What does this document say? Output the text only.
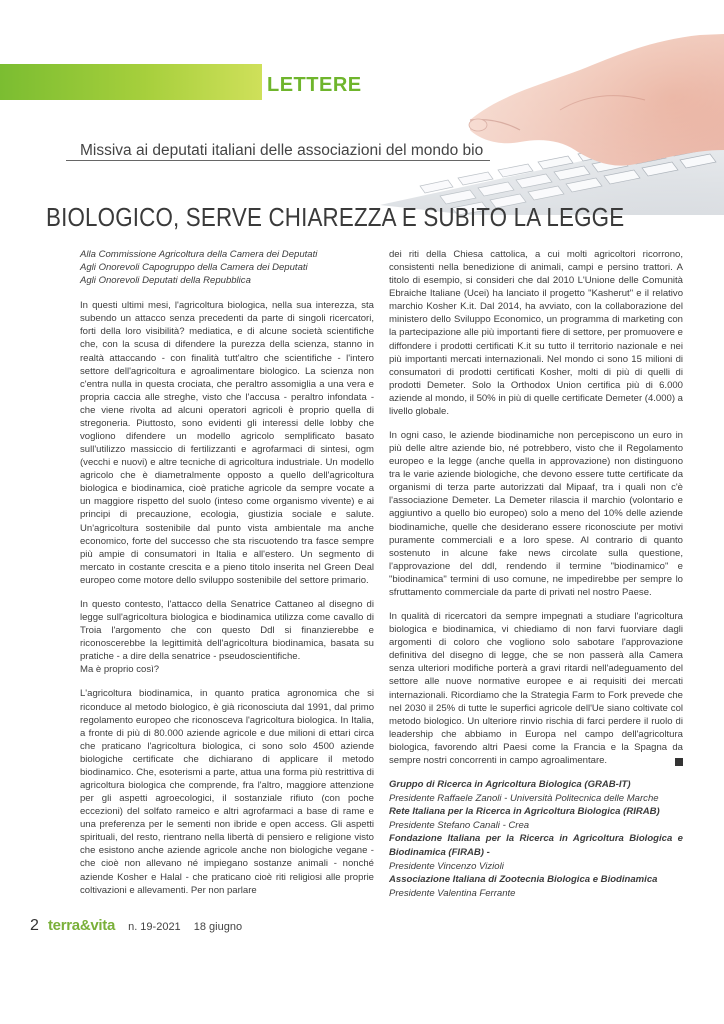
LETTERE
Missiva ai deputati italiani delle associazioni del mondo bio
BIOLOGICO, SERVE CHIAREZZA E SUBITO LA LEGGE
Alla Commissione Agricoltura della Camera dei Deputati
Agli Onorevoli Capogruppo della Camera dei Deputati
Agli Onorevoli Deputati della Repubblica

In questi ultimi mesi, l'agricoltura biologica, nella sua interezza, sta subendo un attacco senza precedenti da parte di singoli ricercatori, forti della loro visibilità? mediatica, e di alcune società scientifiche che, con la scusa di difendere la purezza della scienza, stanno in realtà attaccando - con finalità tutt'altro che scientifiche - l'intero settore dell'agricoltura e agroalimentare biologico. La scienza non c'entra nulla in questa crociata, che peraltro assomiglia a una vera e propria caccia alle streghe, visto che l'accusa - peraltro infondata - che viene rivolta ad alcuni operatori agricoli è proprio quella di stregoneria. Piuttosto, sono evidenti gli interessi delle lobby che vogliono difendere un modello agricolo semplificato basato sull'utilizzo massiccio di fertilizzanti e agrofarmaci di sintesi, ogm (vecchi e nuovi) e altre tecniche di agricoltura industriale. Un modello agricolo che è diametralmente opposto a quello dell'agricoltura biologica e biodinamica, cioè pratiche agricole da sempre vocate a un maggiore rispetto del suolo (inteso come organismo vivente) e ai principi di precauzione, ecologia, giustizia sociale e salute. Un'agricoltura sostenibile dal punto vista ambientale ma anche economico, forte del successo che sta riscuotendo tra fasce sempre più ampie di consumatori in Italia e all'estero. Un segmento di mercato in costante crescita e a pieno titolo inserita nel Green Deal europeo come motore dello sviluppo sostenibile del settore primario.

In questo contesto, l'attacco della Senatrice Cattaneo al disegno di legge sull'agricoltura biologica e biodinamica utilizza come cavallo di Troia l'argomento che con questo Ddl si finanzierebbe e riconoscerebbe la legittimità dell'agricoltura biodinamica, basata su pratiche - a dire della senatrice - pseudoscientifiche.

Ma è proprio così?

L'agricoltura biodinamica, in quanto pratica agronomica che si riconduce al metodo biologico, è già riconosciuta dal 1991, dal primo regolamento europeo che riconosceva l'agricoltura biologica. In Italia, a fronte di più di 80.000 aziende agricole e due milioni di ettari circa che praticano l'agricoltura biologica, ci sono solo 4500 aziende biologiche certificate che dichiarano di applicare il metodo biodinamico. Che, esoterismi a parte, attua una forma più restrittiva di agricoltura biologica che comprende, fra l'altro, maggiore attenzione per gli aspetti agroecologici, il sostanziale rifiuto (con poche eccezioni) del solfato rameico e altri agrofarmaci a base di rame e una preferenza per le sementi non ibride e open access. Gli aspetti spirituali, del resto, rientrano nella libertà di pensiero e religione visto che esistono anche aziende agricole anche non biologiche vegane - che cioè non allevano né impiegano sostanze animali - nonché aziende Kosher e Halal - che praticano cioè riti religiosi alle proprie coltivazioni e allevamenti. Per non parlare

dei riti della Chiesa cattolica, a cui molti agricoltori ricorrono, consistenti nella benedizione di animali, campi e persino trattori. A titolo di esempio, si consideri che dal 2010 L'Unione delle Comunità Ebraiche Italiane (Ucei) ha lanciato il progetto "Kasherut" e il relativo marchio Kosher K.it. Dal 2014, ha avviato, con la collaborazione del ministero dello Sviluppo Economico, un programma di marketing con la partecipazione alle più importanti fiere di settore, per promuovere e diffondere i prodotti certificati K.it su tutto il territorio nazionale e nei più importanti mercati internazionali. Nel mondo ci sono 15 milioni di consumatori di prodotti certificati Kosher, molti di più di quelli di prodotti Demeter. Solo la Orthodox Union certifica più di 6.000 aziende al mondo, il 50% in più di quelle certificate Demeter (4.000) a livello globale.

In ogni caso, le aziende biodinamiche non percepiscono un euro in più delle altre aziende bio, né potrebbero, visto che il Regolamento europeo e la legge (anche quella in approvazione) non distinguono tra le varie aziende biologiche, che devono essere tutte certificate da organismi di terza parte autorizzati dal Mipaaf, tra i quali non c'è l'associazione Demeter. La Demeter rilascia il marchio (volontario e aggiuntivo a quello bio europeo) solo a meno del 10% delle aziende biodinamiche, quelle che desiderano essere riconosciute per motivi puramente commerciali e a loro spese. Al contrario di quanto sostenuto in alcune fake news circolate sulla questione, l'approvazione del ddl, rendendo il termine "biodinamico" e "biodinamica" termini di uso comune, ne impedirebbe per sempre lo sfruttamento commerciale da parte di privati nel nostro Paese.

In qualità di ricercatori da sempre impegnati a studiare l'agricoltura biologica e biodinamica, vi chiediamo di non farvi fuorviare dagli argomenti di coloro che vogliono solo sabotare l'approvazione definitiva del disegno di legge, che se non passerà alla Camera senza ulteriori modifiche porterà a gravi ritardi nell'adeguamento del settore alle nuove normative europee e ai requisiti dei mercati internazionali. Ricordiamo che la Strategia Farm to Fork prevede che nel 2030 il 25% di tutte le superfici agricole dell'Ue siano coltivate col metodo biologico. Un ulteriore rinvio rischia di farci perdere il ruolo di leadership che abbiamo in Europa nel campo dell'agricoltura biologica, favorendo altri Paesi come la Francia e la Spagna da sempre nostri concorrenti in campo agroalimentare.

Gruppo di Ricerca in Agricoltura Biologica (GRAB-IT)
Presidente Raffaele Zanoli - Università Politecnica delle Marche
Rete Italiana per la Ricerca in Agricoltura Biologica (RIRAB)
Presidente Stefano Canali - Crea
Fondazione Italiana per la Ricerca in Agricoltura Biologica e Biodinamica (FIRAB) -
Presidente Vincenzo Vizioli
Associazione Italiana di Zootecnia Biologica e Biodinamica
Presidente Valentina Ferrante
2 terra&vita n. 19-2021 18 giugno
